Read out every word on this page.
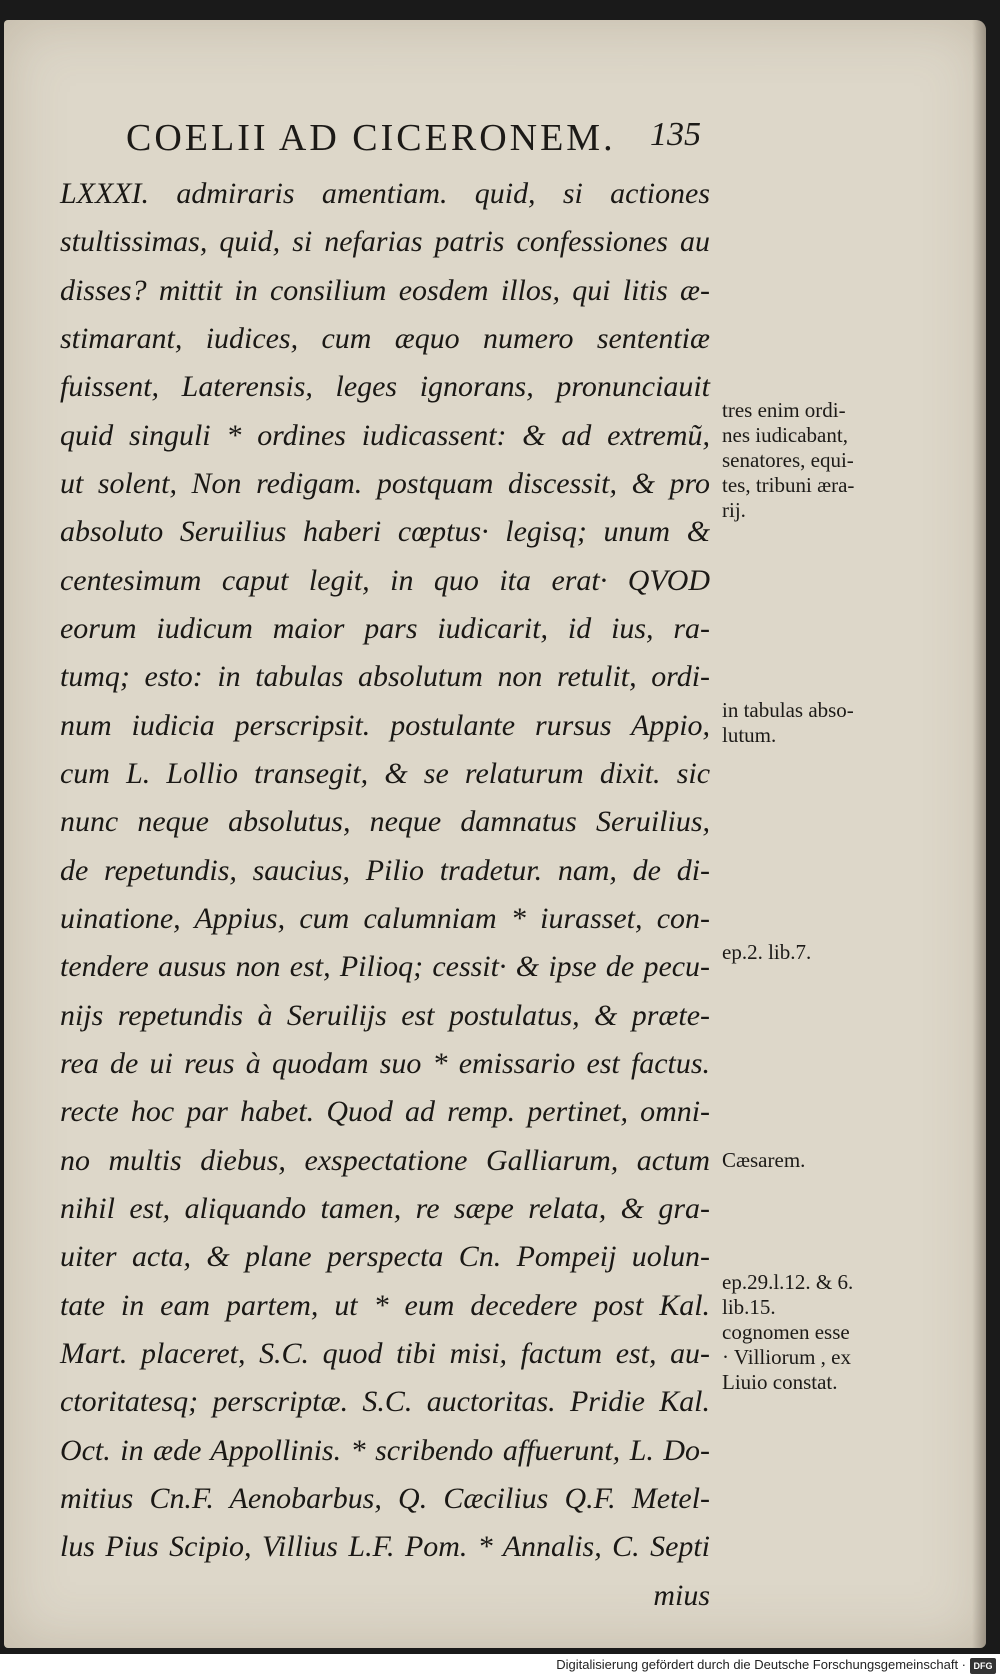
COELII AD CICERONEM. 135
LXXXI. admiraris amentiam. quid, si actiones
stultissimas, quid, si nefarias patris confessiones au
disses? mittit in consilium eosdem illos, qui litis æ-
stimarant, iudices, cum æquo numero sententiæ
fuissent, Laterensis, leges ignorans, pronunciauit
quid singuli * ordines iudicassent: & ad extremũ,
ut solent, Non redigam. postquam discessit, & pro
absoluto Seruilius haberi cœptus· legisq; unum &
centesimum caput legit, in quo ita erat· QVOD
eorum iudicum maior pars iudicarit, id ius, ra-
tumq; esto: in tabulas absolutum non retulit, ordi-
num iudicia perscripsit. postulante rursus Appio,
cum L. Lollio transegit, & se relaturum dixit. sic
nunc neque absolutus, neque damnatus Seruilius,
de repetundis, saucius, Pilio tradetur. nam, de di-
uinatione, Appius, cum calumniam * iurasset, con-
tendere ausus non est, Pilioq; cessit· & ipse de pecu-
nijs repetundis à Seruilijs est postulatus, & præte-
rea de ui reus à quodam suo * emissario est factus.
recte hoc par habet. Quod ad remp. pertinet, omni-
no multis diebus, exspectatione Galliarum, actum
nihil est, aliquando tamen, re sæpe relata, & gra-
uiter acta, & plane perspecta Cn. Pompeij uolun-
tate in eam partem, ut * eum decedere post Kal.
Mart. placeret, S.C. quod tibi misi, factum est, au-
ctoritatesq; perscriptæ. S.C. auctoritas. Pridie Kal.
tres enim ordi-
nes iudicabant,
senatores, equi-
tes, tribuni æra-
rij.
in tabulas abso-
lutum.
ep.2. lib.7.
Cæsarem.
ep.29.l.12. & 6.
lib.15.
cognomen esse
· Villiorum , ex
Liuio constat.
Oct. in æde Appollinis. * scribendo affuerunt, L. Do-
mitius Cn.F. Aenobarbus, Q. Cæcilius Q.F. Metel-
lus Pius Scipio, Villius L.F. Pom. * Annalis, C. Septi
mius
Digitalisierung gefördert durch die Deutsche Forschungsgemeinschaft · DFG
